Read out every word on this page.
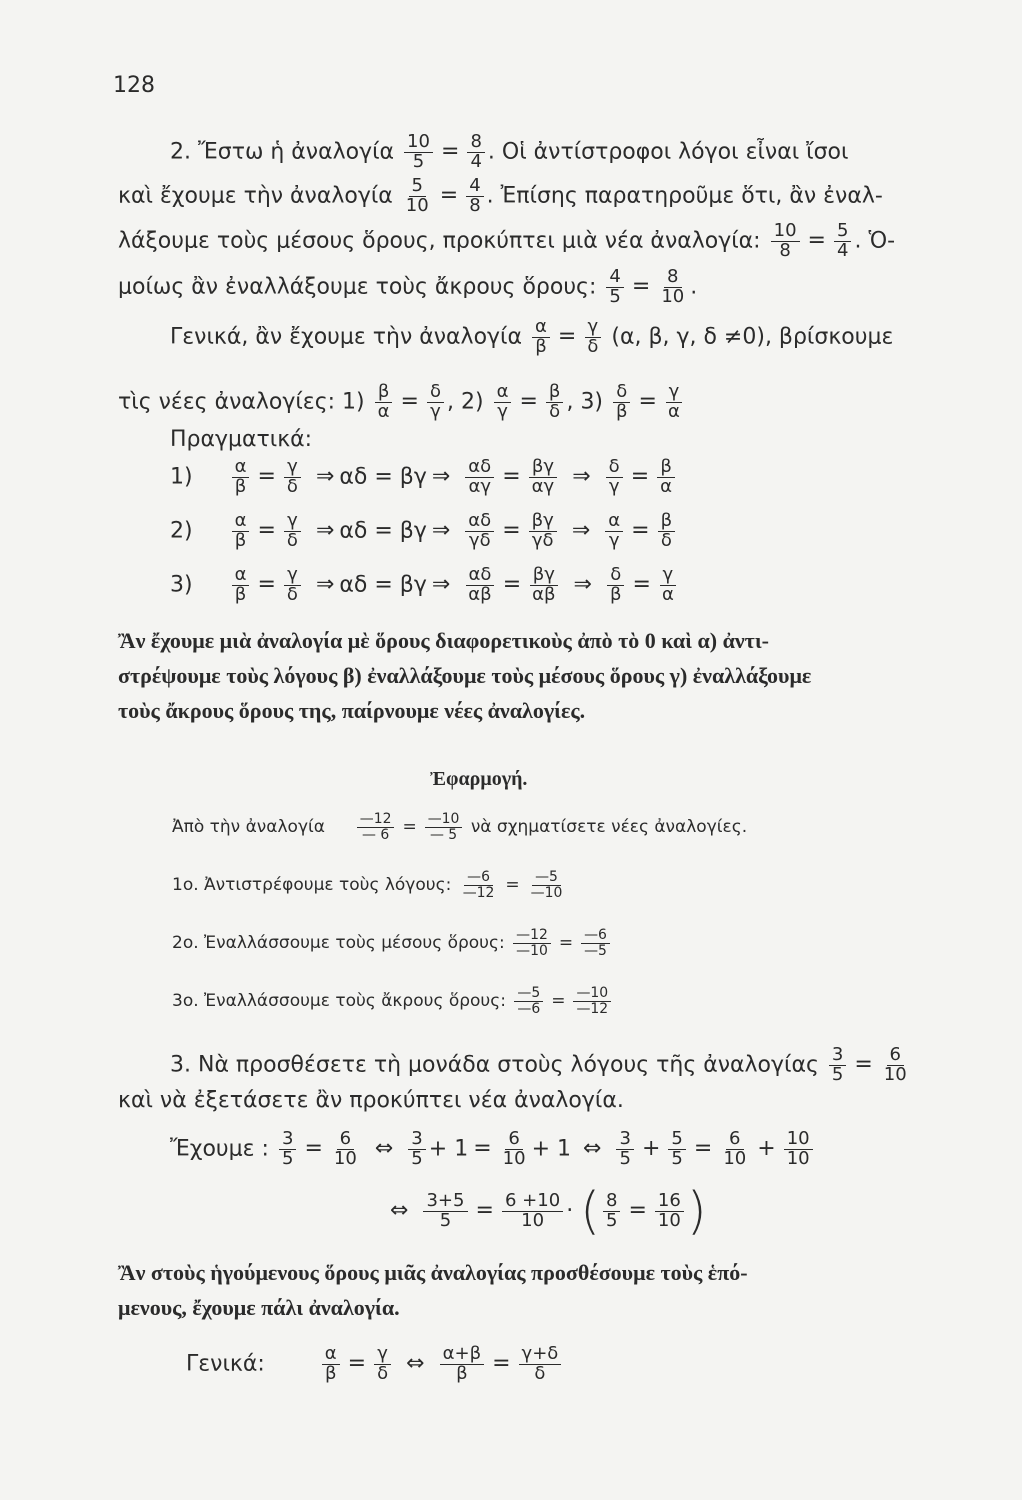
128
2. Ἔστω ἡ ἀναλογία $\frac{10}{5} = \frac{8}{4}$ . Οἱ ἀντίστροφοι λόγοι εἶναι ἴσοι
καὶ ἔχουμε τὴν ἀναλογία $\frac{5}{10} = \frac{4}{8}$ . Ἐπίσης παρατηροῦμε ὅτι, ἂν ἐναλ-
λάξουμε τοὺς μέσους ὅρους, προκύπτει μιὰ νέα ἀναλογία: $\frac{10}{8} = \frac{5}{4}$ . Ὁ-
μοίως ἂν ἐναλλάξουμε τοὺς ἄκρους ὅρους: $\frac{4}{5} = \frac{8}{10}$ .
Γενικά, ἂν ἔχουμε τὴν ἀναλογία $\frac{\alpha}{\beta} = \frac{\gamma}{\delta} (\alpha$, β, γ, δ ≠0), βρίσκουμε
τὶς νέες ἀναλογίες: $1) \frac{\beta}{\alpha} = \frac{\delta}{\gamma}$ , $2) \frac{\alpha}{\gamma} = \frac{\beta}{\delta}$ , $3) \frac{\delta}{\beta} = \frac{\gamma}{\alpha}$
Πραγματικά:
$1) \frac{\alpha}{\beta} = \frac{\gamma}{\delta}$ ⇒ αδ = βγ ⇒ $\frac{\alpha\delta}{\alpha\gamma} = \frac{\beta\gamma}{\alpha\gamma}$ ⇒ $\frac{\delta}{\gamma} = \frac{\beta}{\alpha}$
$2) \frac{\alpha}{\beta} = \frac{\gamma}{\delta}$ ⇒ αδ = βγ ⇒ $\frac{\alpha\delta}{\gamma\delta} = \frac{\beta\gamma}{\gamma\delta}$ ⇒ $\frac{\alpha}{\gamma} = \frac{\beta}{\delta}$
$3) \frac{\alpha}{\beta} = \frac{\gamma}{\delta}$ ⇒ αδ = βγ ⇒ $\frac{\alpha\delta}{\alpha\beta} = \frac{\beta\gamma}{\alpha\beta}$ ⇒ $\frac{\delta}{\beta} = \frac{\gamma}{\alpha}$
Ἂν ἔχουμε μιὰ ἀναλογία μὲ ὅρους διαφορετικοὺς ἀπὸ τὸ 0 καὶ α) ἀντι-
στρέψουμε τοὺς λόγους β) ἐναλλάξουμε τοὺς μέσους ὅρους γ) ἐναλλάξουμε
τοὺς ἄκρους ὅρους της, παίρνουμε νέες ἀναλογίες.
Ἐφαρμογή.
Ἀπὸ τὴν ἀναλογία $\frac{—12}{— 6} = \frac{—10}{— 5}$ νὰ σχηματίσετε νέες ἀναλογίες.
1ο. Ἀντιστρέφουμε τοὺς λόγους: $\frac{—6}{—12} = \frac{—5}{—10}$
2ο. Ἐναλλάσσουμε τοὺς μέσους ὅρους: $\frac{—12}{—10} = \frac{—6}{—5}$
3ο. Ἐναλλάσσουμε τοὺς ἄκρους ὅρους: $\frac{—5}{—6} = \frac{—10}{—12}$
3. Νὰ προσθέσετε τὴ μονάδα στοὺς λόγους τῆς ἀναλογίας $\frac{3}{5} = \frac{6}{10}$
καὶ νὰ ἐξετάσετε ἂν προκύπτει νέα ἀναλογία.
Ἔχουμε : $\frac{3}{5} = \frac{6}{10}$ ⇔ $\frac{3}{5} + 1 = \frac{6}{10} + 1$ ⇔ $\frac{3}{5} + \frac{5}{5} = \frac{6}{10} + \frac{10}{10}$
⇔ $\frac{3+5}{5} = \frac{6 +10}{10}$ · ( $\frac{8}{5} = \frac{16}{10}$ )
Ἂν στοὺς ἡγούμενους ὅρους μιᾶς ἀναλογίας προσθέσουμε τοὺς ἑπό-
μενους, ἔχουμε πάλι ἀναλογία.
Γενικά:	$\frac{\alpha}{\beta} = \frac{\gamma}{\delta}$ ⇔ $\frac{\alpha+\beta}{\beta} = \frac{\gamma+\delta}{\delta}$
